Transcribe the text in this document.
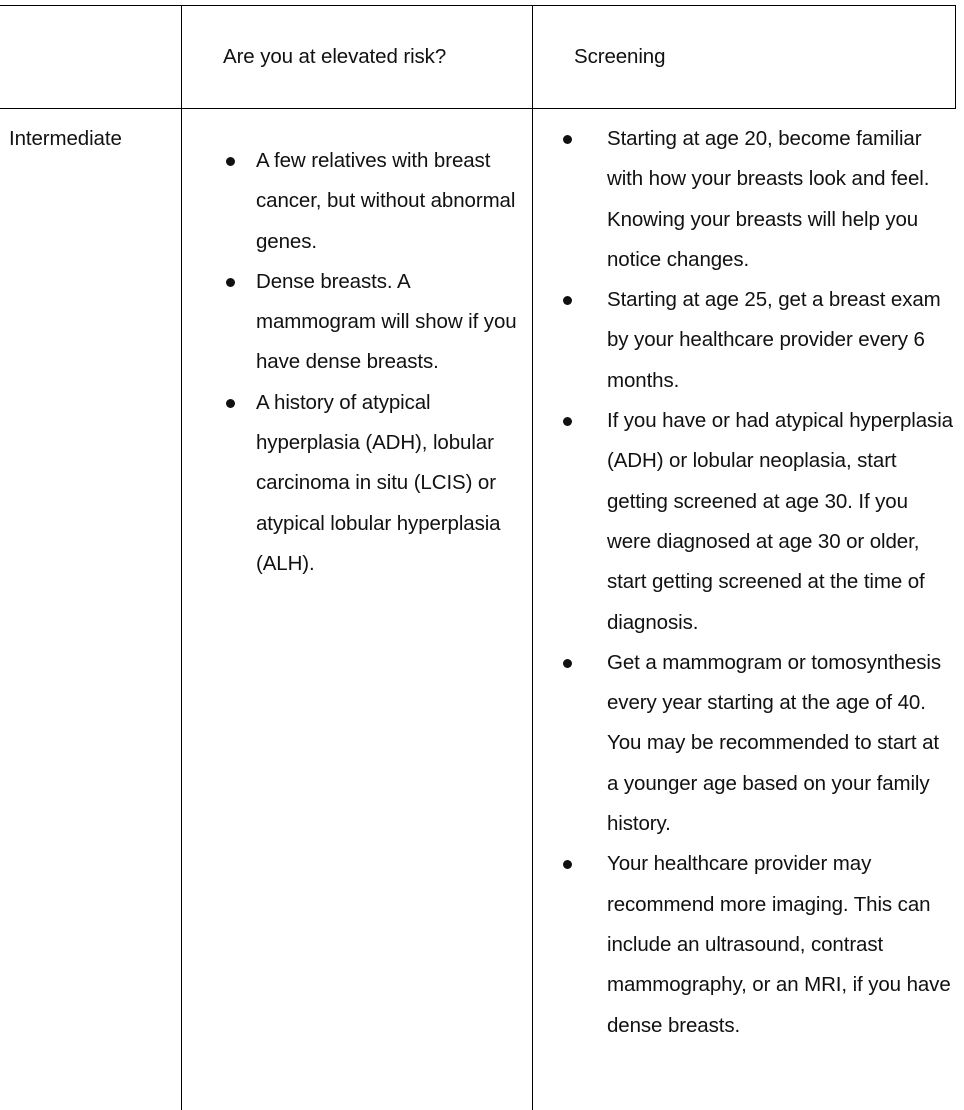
Are you at elevated risk?	Screening
Intermediate
A few relatives with breast cancer, but without abnormal genes.
Dense breasts. A mammogram will show if you have dense breasts.
A history of atypical hyperplasia (ADH), lobular carcinoma in situ (LCIS) or atypical lobular hyperplasia (ALH).
Starting at age 20, become familiar with how your breasts look and feel. Knowing your breasts will help you notice changes.
Starting at age 25, get a breast exam by your healthcare provider every 6 months.
If you have or had atypical hyperplasia (ADH) or lobular neoplasia, start getting screened at age 30. If you were diagnosed at age 30 or older, start getting screened at the time of diagnosis.
Get a mammogram or tomosynthesis every year starting at the age of 40. You may be recommended to start at a younger age based on your family history.
Your healthcare provider may recommend more imaging. This can include an ultrasound, contrast mammography, or an MRI, if you have dense breasts.
